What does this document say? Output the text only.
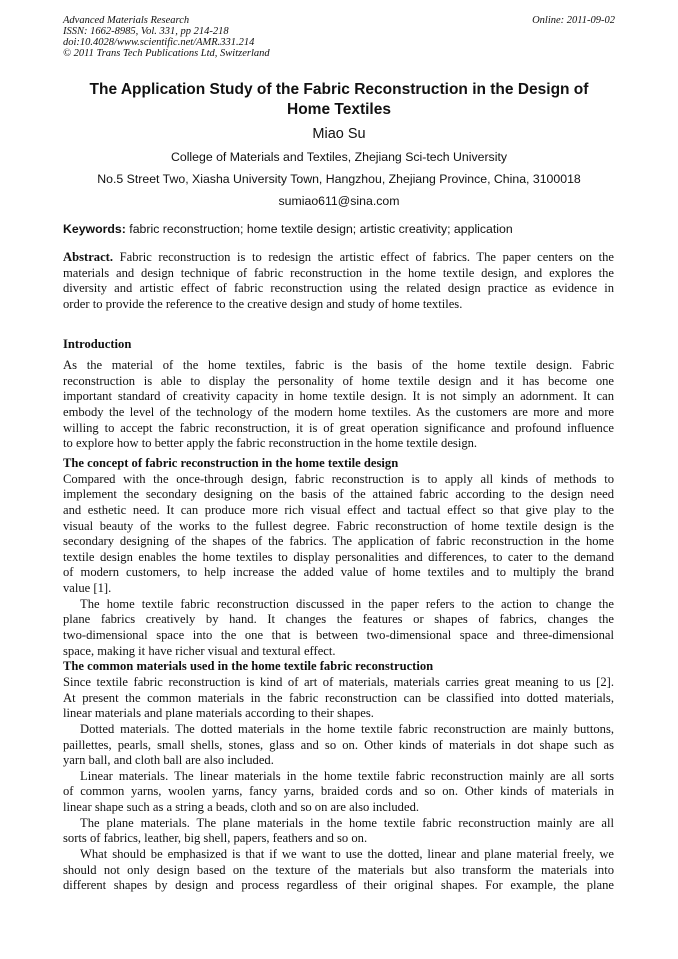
Advanced Materials Research
ISSN: 1662-8985, Vol. 331, pp 214-218
doi:10.4028/www.scientific.net/AMR.331.214
© 2011 Trans Tech Publications Ltd, Switzerland
Online: 2011-09-02
The Application Study of the Fabric Reconstruction in the Design of
Home Textiles
Miao Su
College of Materials and Textiles, Zhejiang Sci-tech University
No.5 Street Two, Xiasha University Town, Hangzhou, Zhejiang Province, China, 3100018
sumiao611@sina.com
Keywords: fabric reconstruction; home textile design; artistic creativity; application
Abstract. Fabric reconstruction is to redesign the artistic effect of fabrics. The paper centers on the
materials and design technique of fabric reconstruction in the home textile design, and explores the
diversity and artistic effect of fabric reconstruction using the related design practice as evidence in
order to provide the reference to the creative design and study of home textiles.
Introduction
As the material of the home textiles, fabric is the basis of the home textile design. Fabric
reconstruction is able to display the personality of home textile design and it has become one
important standard of creativity capacity in home textile design. It is not simply an adornment. It can
embody the level of the technology of the modern home textiles. As the customers are more and more
willing to accept the fabric reconstruction, it is of great operation significance and profound influence
to explore how to better apply the fabric reconstruction in the home textile design.
The concept of fabric reconstruction in the home textile design
Compared with the once-through design, fabric reconstruction is to apply all kinds of methods to
implement the secondary designing on the basis of the attained fabric according to the design need
and esthetic need. It can produce more rich visual effect and tactual effect so that give play to the
visual beauty of the works to the fullest degree. Fabric reconstruction of home textile design is the
secondary designing of the shapes of the fabrics. The application of fabric reconstruction in the home
textile design enables the home textiles to display personalities and differences, to cater to the demand
of modern customers, to help increase the added value of home textiles and to multiply the brand
value [1].
The home textile fabric reconstruction discussed in the paper refers to the action to change the
plane fabrics creatively by hand. It changes the features or shapes of fabrics, changes the
two-dimensional space into the one that is between two-dimensional space and three-dimensional
space, making it have richer visual and textural effect.
The common materials used in the home textile fabric reconstruction
Since textile fabric reconstruction is kind of art of materials, materials carries great meaning to us [2].
At present the common materials in the fabric reconstruction can be classified into dotted materials,
linear materials and plane materials according to their shapes.
Dotted materials. The dotted materials in the home textile fabric reconstruction are mainly buttons,
paillettes, pearls, small shells, stones, glass and so on. Other kinds of materials in dot shape such as
yarn ball, and cloth ball are also included.
Linear materials. The linear materials in the home textile fabric reconstruction mainly are all sorts
of common yarns, woolen yarns, fancy yarns, braided cords and so on. Other kinds of materials in
linear shape such as a string a beads, cloth and so on are also included.
The plane materials. The plane materials in the home textile fabric reconstruction mainly are all
sorts of fabrics, leather, big shell, papers, feathers and so on.
What should be emphasized is that if we want to use the dotted, linear and plane material freely, we
should not only design based on the texture of the materials but also transform the materials into
different shapes by design and process regardless of their original shapes. For example, the plane
